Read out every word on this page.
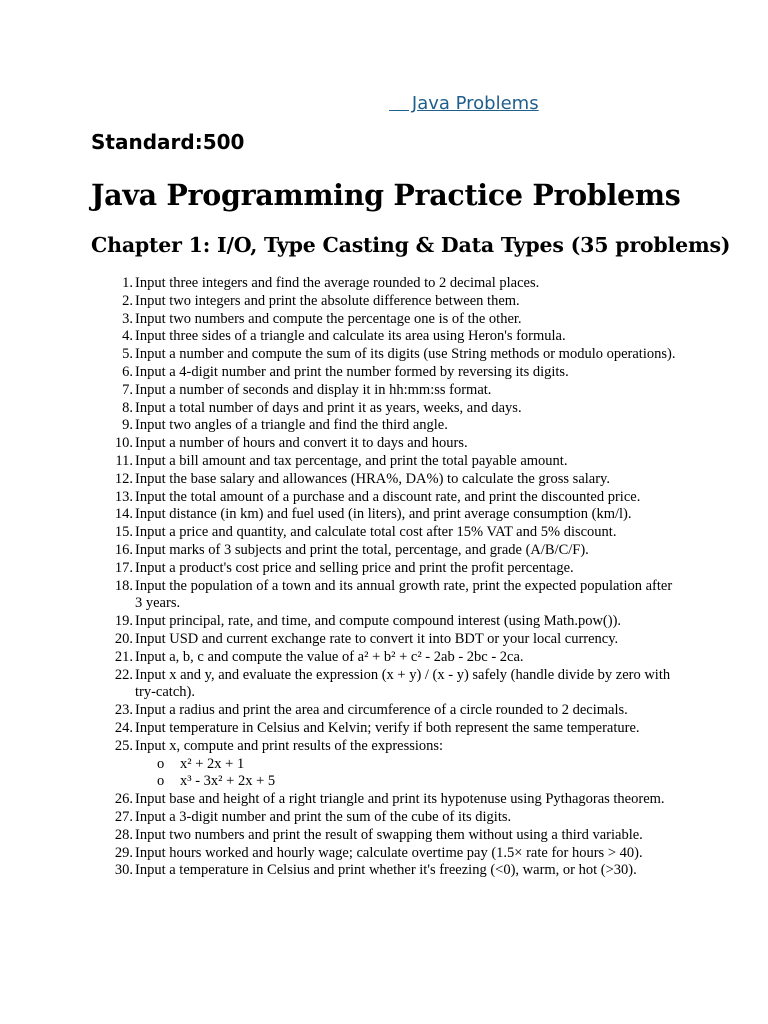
Java Problems
Standard:500
Java Programming Practice Problems
Chapter 1: I/O, Type Casting & Data Types (35 problems)
1. Input three integers and find the average rounded to 2 decimal places.
2. Input two integers and print the absolute difference between them.
3. Input two numbers and compute the percentage one is of the other.
4. Input three sides of a triangle and calculate its area using Heron's formula.
5. Input a number and compute the sum of its digits (use String methods or modulo operations).
6. Input a 4-digit number and print the number formed by reversing its digits.
7. Input a number of seconds and display it in hh:mm:ss format.
8. Input a total number of days and print it as years, weeks, and days.
9. Input two angles of a triangle and find the third angle.
10. Input a number of hours and convert it to days and hours.
11. Input a bill amount and tax percentage, and print the total payable amount.
12. Input the base salary and allowances (HRA%, DA%) to calculate the gross salary.
13. Input the total amount of a purchase and a discount rate, and print the discounted price.
14. Input distance (in km) and fuel used (in liters), and print average consumption (km/l).
15. Input a price and quantity, and calculate total cost after 15% VAT and 5% discount.
16. Input marks of 3 subjects and print the total, percentage, and grade (A/B/C/F).
17. Input a product's cost price and selling price and print the profit percentage.
18. Input the population of a town and its annual growth rate, print the expected population after 3 years.
19. Input principal, rate, and time, and compute compound interest (using Math.pow()).
20. Input USD and current exchange rate to convert it into BDT or your local currency.
21. Input a, b, c and compute the value of a² + b² + c² - 2ab - 2bc - 2ca.
22. Input x and y, and evaluate the expression (x + y) / (x - y) safely (handle divide by zero with try-catch).
23. Input a radius and print the area and circumference of a circle rounded to 2 decimals.
24. Input temperature in Celsius and Kelvin; verify if both represent the same temperature.
25. Input x, compute and print results of the expressions:
o	x² + 2x + 1
o	x³ - 3x² + 2x + 5
26. Input base and height of a right triangle and print its hypotenuse using Pythagoras theorem.
27. Input a 3-digit number and print the sum of the cube of its digits.
28. Input two numbers and print the result of swapping them without using a third variable.
29. Input hours worked and hourly wage; calculate overtime pay (1.5× rate for hours > 40).
30. Input a temperature in Celsius and print whether it's freezing (<0), warm, or hot (>30).
